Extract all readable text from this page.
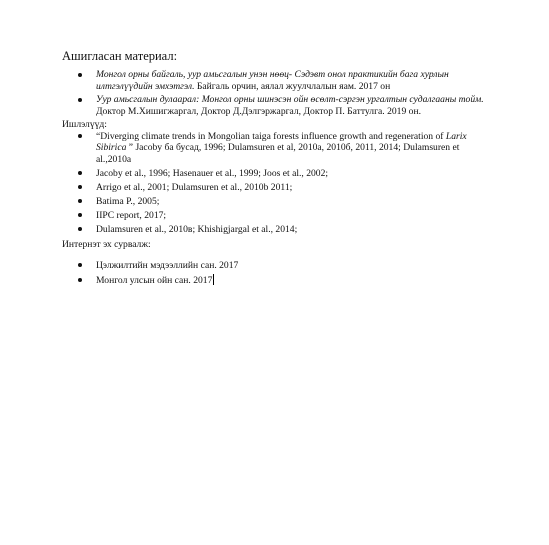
Ашигласан материал:

Монгол орны байгаль, уур амьсгалын унэн нөөц- Сэдэвт онол практикийн бага хурлын илтгэлүүдийн эмхэтгэл. Байгаль орчин, аялал жуулчлалын яам. 2017 он
Уур амьсгалын дулаарал: Монгол орны шинэсэн ойн өсөлт-сэргэн ургалтын судалгааны тойм. Доктор М.Хишигжаргал, Доктор Д.Дэлгэржаргал, Доктор П. Баттулга. 2019 он.

Ишлэлүүд:

“Diverging climate trends in Mongolian taiga forests influence growth and regeneration of Larix Sibirica ” Jacoby ба бусад, 1996; Dulamsuren et al, 2010a, 2010б, 2011, 2014; Dulamsuren et al.,2010a
Jacoby et al., 1996; Hasenauer et al., 1999; Joos et al., 2002;
Arrigo et al., 2001; Dulamsuren et al., 2010b 2011;
Batima P., 2005;
IIPC report, 2017;
Dulamsuren et al., 2010в; Khishigjargal et al., 2014;

Интернэт эх сурвалж:

Цэлжилтийн мэдээллийн сан. 2017
Монгол улсын ойн сан. 2017
